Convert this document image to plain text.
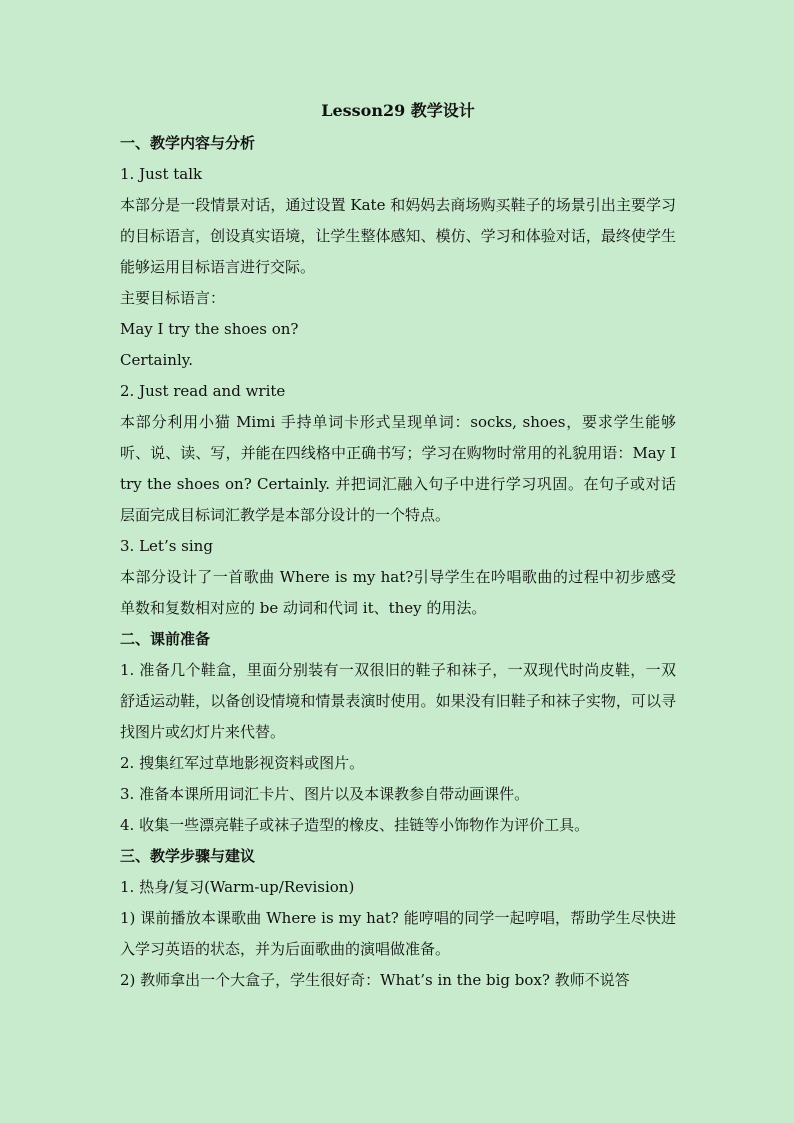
Lesson29 教学设计
一、教学内容与分析
1. Just talk
本部分是一段情景对话，通过设置 Kate 和妈妈去商场购买鞋子的场景引出主要学习的目标语言，创设真实语境，让学生整体感知、模仿、学习和体验对话，最终使学生能够运用目标语言进行交际。
主要目标语言：
May I try the shoes on?
Certainly.
2. Just read and write
本部分利用小猫 Mimi 手持单词卡形式呈现单词：socks, shoes，要求学生能够听、说、读、写，并能在四线格中正确书写；学习在购物时常用的礼貌用语：May I try the shoes on? Certainly. 并把词汇融入句子中进行学习巩固。在句子或对话层面完成目标词汇教学是本部分设计的一个特点。
3. Let’s sing
本部分设计了一首歌曲 Where is my hat?引导学生在吟唱歌曲的过程中初步感受单数和复数相对应的 be 动词和代词 it、they 的用法。
二、课前准备
1. 准备几个鞋盒，里面分别装有一双很旧的鞋子和袜子，一双现代时尚皮鞋，一双舒适运动鞋，以备创设情境和情景表演时使用。如果没有旧鞋子和袜子实物，可以寻找图片或幻灯片来代替。
2. 搜集红军过草地影视资料或图片。
3. 准备本课所用词汇卡片、图片以及本课教参自带动画课件。
4. 收集一些漂亮鞋子或袜子造型的橡皮、挂链等小饰物作为评价工具。
三、教学步骤与建议
1. 热身/复习(Warm-up/Revision)
1) 课前播放本课歌曲 Where is my hat? 能哼唱的同学一起哼唱，帮助学生尽快进入学习英语的状态，并为后面歌曲的演唱做准备。
2) 教师拿出一个大盒子，学生很好奇：What’s in the big box? 教师不说答
